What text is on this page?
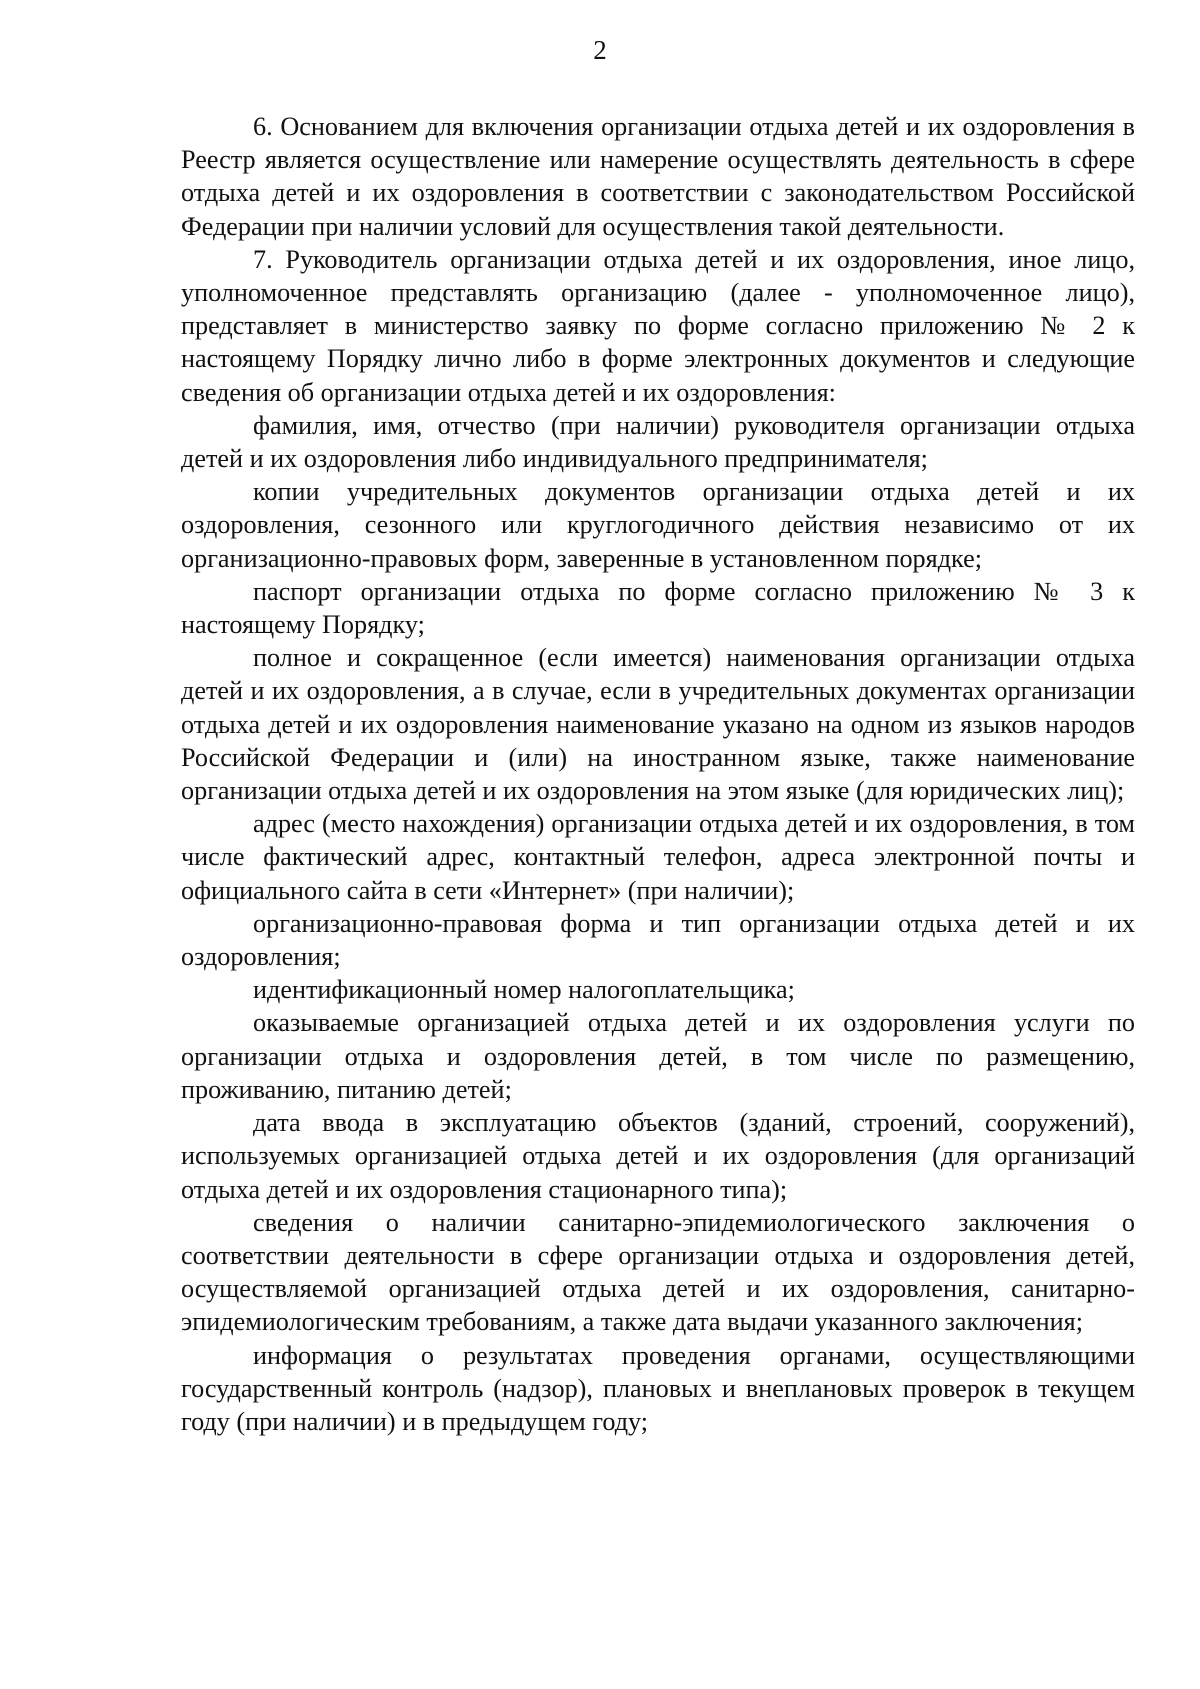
2

6. Основанием для включения организации отдыха детей и их оздоровления в Реестр является осуществление или намерение осуществлять деятельность в сфере отдыха детей и их оздоровления в соответствии с законодательством Российской Федерации при наличии условий для осуществления такой деятельности.

7. Руководитель организации отдыха детей и их оздоровления, иное лицо, уполномоченное представлять организацию (далее - уполномоченное лицо), представляет в министерство заявку по форме согласно приложению № 2 к настоящему Порядку лично либо в форме электронных документов и следующие сведения об организации отдыха детей и их оздоровления:

фамилия, имя, отчество (при наличии) руководителя организации отдыха детей и их оздоровления либо индивидуального предпринимателя;

копии учредительных документов организации отдыха детей и их оздоровления, сезонного или круглогодичного действия независимо от их организационно-правовых форм, заверенные в установленном порядке;

паспорт организации отдыха по форме согласно приложению № 3 к настоящему Порядку;

полное и сокращенное (если имеется) наименования организации отдыха детей и их оздоровления, а в случае, если в учредительных документах организации отдыха детей и их оздоровления наименование указано на одном из языков народов Российской Федерации и (или) на иностранном языке, также наименование организации отдыха детей и их оздоровления на этом языке (для юридических лиц);

адрес (место нахождения) организации отдыха детей и их оздоровления, в том числе фактический адрес, контактный телефон, адреса электронной почты и официального сайта в сети «Интернет» (при наличии);

организационно-правовая форма и тип организации отдыха детей и их оздоровления;

идентификационный номер налогоплательщика;

оказываемые организацией отдыха детей и их оздоровления услуги по организации отдыха и оздоровления детей, в том числе по размещению, проживанию, питанию детей;

дата ввода в эксплуатацию объектов (зданий, строений, сооружений), используемых организацией отдыха детей и их оздоровления (для организаций отдыха детей и их оздоровления стационарного типа);

сведения о наличии санитарно-эпидемиологического заключения о соответствии деятельности в сфере организации отдыха и оздоровления детей, осуществляемой организацией отдыха детей и их оздоровления, санитарно-эпидемиологическим требованиям, а также дата выдачи указанного заключения;

информация о результатах проведения органами, осуществляющими государственный контроль (надзор), плановых и внеплановых проверок в текущем году (при наличии) и в предыдущем году;
